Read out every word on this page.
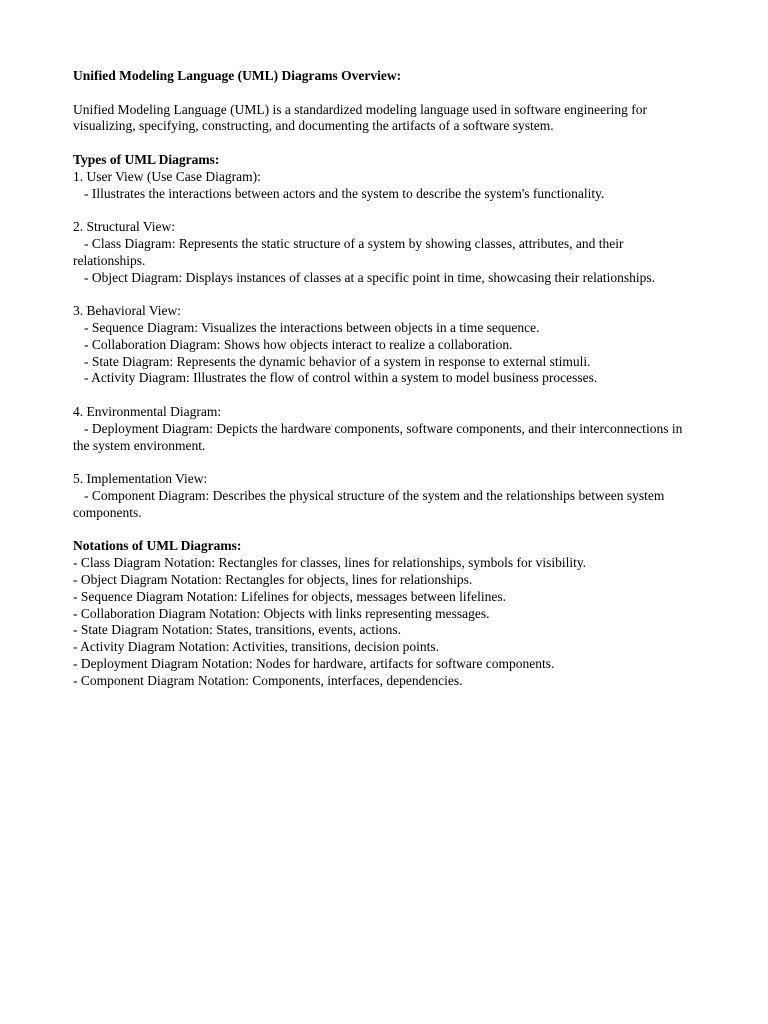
Unified Modeling Language (UML) Diagrams Overview:

Unified Modeling Language (UML) is a standardized modeling language used in software engineering for visualizing, specifying, constructing, and documenting the artifacts of a software system.

Types of UML Diagrams:

1. User View (Use Case Diagram):

- Illustrates the interactions between actors and the system to describe the system's functionality.

2. Structural View:

- Class Diagram: Represents the static structure of a system by showing classes, attributes, and their relationships.

- Object Diagram: Displays instances of classes at a specific point in time, showcasing their relationships.

3. Behavioral View:

- Sequence Diagram: Visualizes the interactions between objects in a time sequence.

- Collaboration Diagram: Shows how objects interact to realize a collaboration.

- State Diagram: Represents the dynamic behavior of a system in response to external stimuli.

- Activity Diagram: Illustrates the flow of control within a system to model business processes.

4. Environmental Diagram:

- Deployment Diagram: Depicts the hardware components, software components, and their interconnections in the system environment.

5. Implementation View:

- Component Diagram: Describes the physical structure of the system and the relationships between system components.

Notations of UML Diagrams:

- Class Diagram Notation: Rectangles for classes, lines for relationships, symbols for visibility.

- Object Diagram Notation: Rectangles for objects, lines for relationships.

- Sequence Diagram Notation: Lifelines for objects, messages between lifelines.

- Collaboration Diagram Notation: Objects with links representing messages.

- State Diagram Notation: States, transitions, events, actions.

- Activity Diagram Notation: Activities, transitions, decision points.

- Deployment Diagram Notation: Nodes for hardware, artifacts for software components.

- Component Diagram Notation: Components, interfaces, dependencies.
